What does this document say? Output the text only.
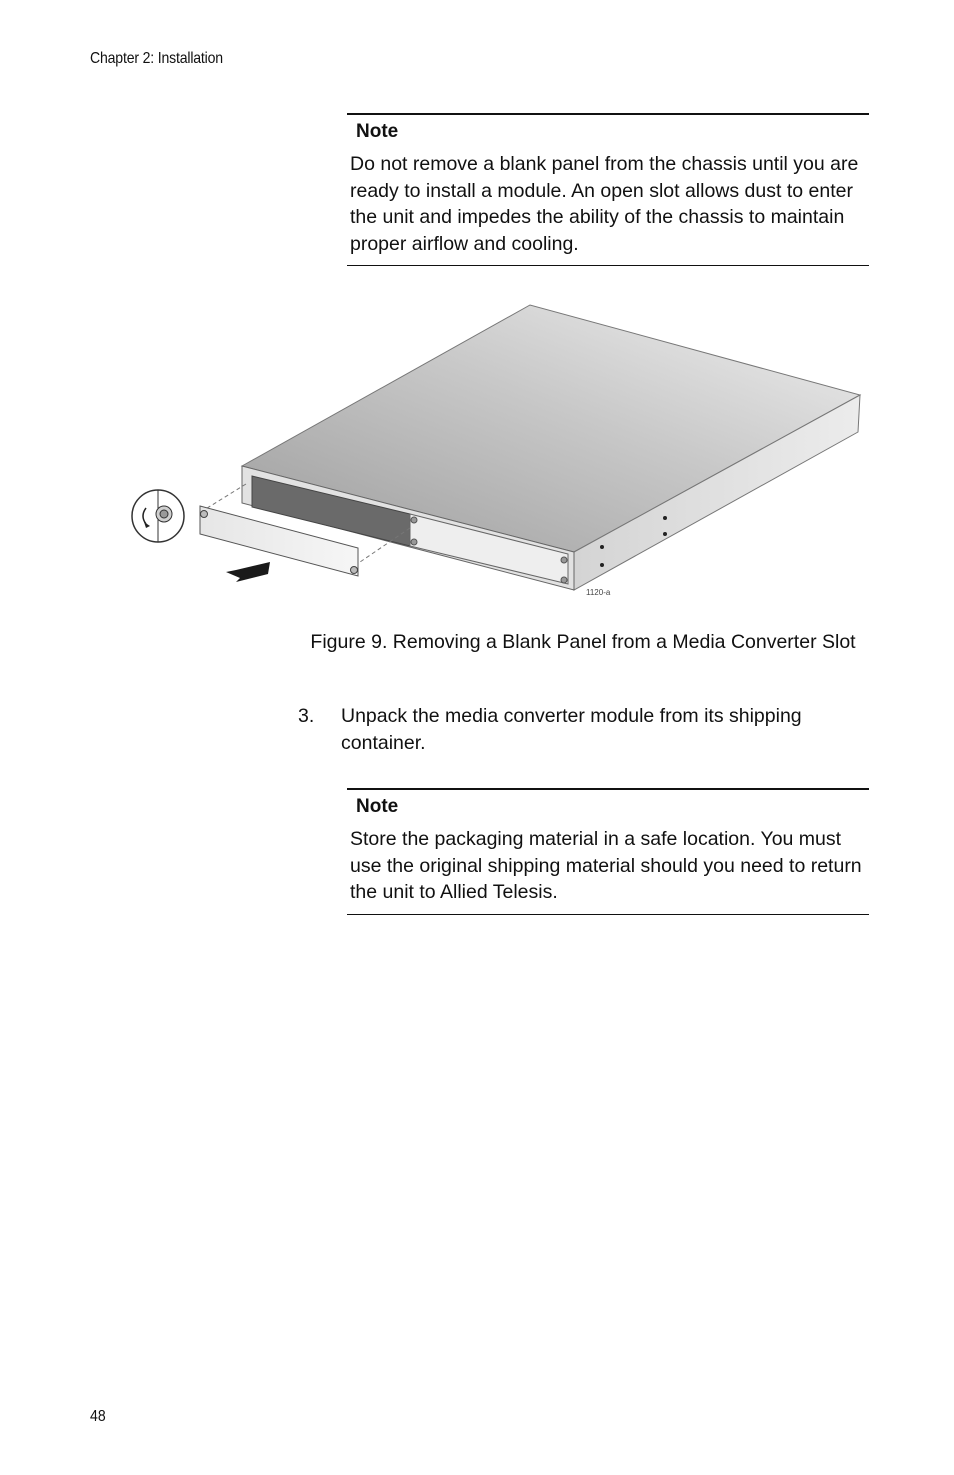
Chapter 2: Installation
Note
Do not remove a blank panel from the chassis until you are ready to install a module. An open slot allows dust to enter the unit and impedes the ability of the chassis to maintain proper airflow and cooling.
1120-a
Figure 9. Removing a Blank Panel from a Media Converter Slot
3. Unpack the media converter module from its shipping container.
Note
Store the packaging material in a safe location. You must use the original shipping material should you need to return the unit to Allied Telesis.
48
